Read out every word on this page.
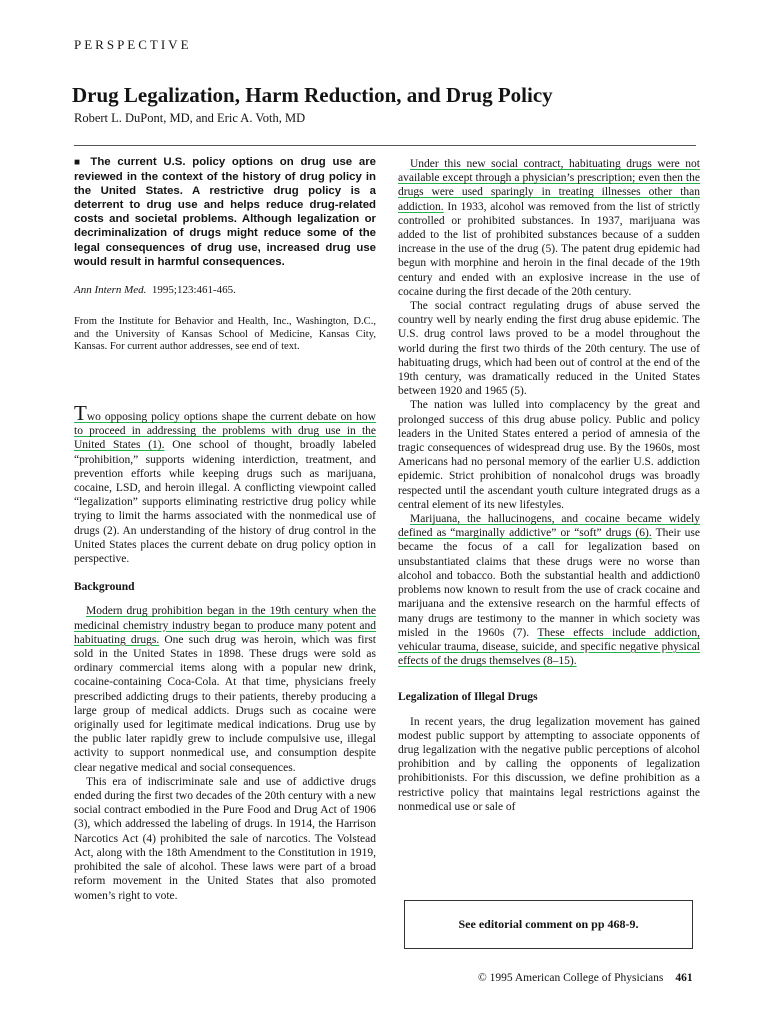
PERSPECTIVE
Drug Legalization, Harm Reduction, and Drug Policy
Robert L. DuPont, MD, and Eric A. Voth, MD

■ The current U.S. policy options on drug use are reviewed in the context of the history of drug policy in the United States. A restrictive drug policy is a deterrent to drug use and helps reduce drug-related costs and societal problems. Although legalization or decriminalization of drugs might reduce some of the legal consequences of drug use, increased drug use would result in harmful consequences.

Ann Intern Med. 1995;123:461-465.

From the Institute for Behavior and Health, Inc., Washington, D.C., and the University of Kansas School of Medicine, Kansas City, Kansas. For current author addresses, see end of text.

Two opposing policy options shape the current debate on how to proceed in addressing the problems with drug use in the United States (1). One school of thought, broadly labeled “prohibition,” supports widening interdiction, treatment, and prevention efforts while keeping drugs such as marijuana, cocaine, LSD, and heroin illegal. A conflicting viewpoint called “legalization” supports eliminating restrictive drug policy while trying to limit the harms associated with the nonmedical use of drugs (2). An understanding of the history of drug control in the United States places the current debate on drug policy option in perspective.

Background

Modern drug prohibition began in the 19th century when the medicinal chemistry industry began to produce many potent and habituating drugs. One such drug was heroin, which was first sold in the United States in 1898. These drugs were sold as ordinary commercial items along with a popular new drink, cocaine-containing Coca-Cola. At that time, physicians freely prescribed addicting drugs to their patients, thereby producing a large group of medical addicts. Drugs such as cocaine were originally used for legitimate medical indications. Drug use by the public later rapidly grew to include compulsive use, illegal activity to support nonmedical use, and consumption despite clear negative medical and social consequences.

This era of indiscriminate sale and use of addictive drugs ended during the first two decades of the 20th century with a new social contract embodied in the Pure Food and Drug Act of 1906 (3), which addressed the labeling of drugs. In 1914, the Harrison Narcotics Act (4) prohibited the sale of narcotics. The Volstead Act, along with the 18th Amendment to the Constitution in 1919, prohibited the sale of alcohol. These laws were part of a broad reform movement in the United States that also promoted women’s right to vote.

Under this new social contract, habituating drugs were not available except through a physician’s prescription; even then the drugs were used sparingly in treating illnesses other than addiction. In 1933, alcohol was removed from the list of strictly controlled or prohibited substances. In 1937, marijuana was added to the list of prohibited substances because of a sudden increase in the use of the drug (5). The patent drug epidemic had begun with morphine and heroin in the final decade of the 19th century and ended with an explosive increase in the use of cocaine during the first decade of the 20th century.

The social contract regulating drugs of abuse served the country well by nearly ending the first drug abuse epidemic. The U.S. drug control laws proved to be a model throughout the world during the first two thirds of the 20th century. The use of habituating drugs, which had been out of control at the end of the 19th century, was dramatically reduced in the United States between 1920 and 1965 (5).

The nation was lulled into complacency by the great and prolonged success of this drug abuse policy. Public and policy leaders in the United States entered a period of amnesia of the tragic consequences of widespread drug use. By the 1960s, most Americans had no personal memory of the earlier U.S. addiction epidemic. Strict prohibition of nonalcohol drugs was broadly respected until the ascendant youth culture integrated drugs as a central element of its new lifestyles.

Marijuana, the hallucinogens, and cocaine became widely defined as “marginally addictive” or “soft” drugs (6). Their use became the focus of a call for legalization based on unsubstantiated claims that these drugs were no worse than alcohol and tobacco. Both the substantial health and addiction0 problems now known to result from the use of crack cocaine and marijuana and the extensive research on the harmful effects of many drugs are testimony to the manner in which society was misled in the 1960s (7). These effects include addiction, vehicular trauma, disease, suicide, and specific negative physical effects of the drugs themselves (8–15).

Legalization of Illegal Drugs

In recent years, the drug legalization movement has gained modest public support by attempting to associate opponents of drug legalization with the negative public perceptions of alcohol prohibition and by calling the opponents of legalization prohibitionists. For this discussion, we define prohibition as a restrictive policy that maintains legal restrictions against the nonmedical use or sale of

See editorial comment on pp 468-9.
© 1995 American College of Physicians 461
